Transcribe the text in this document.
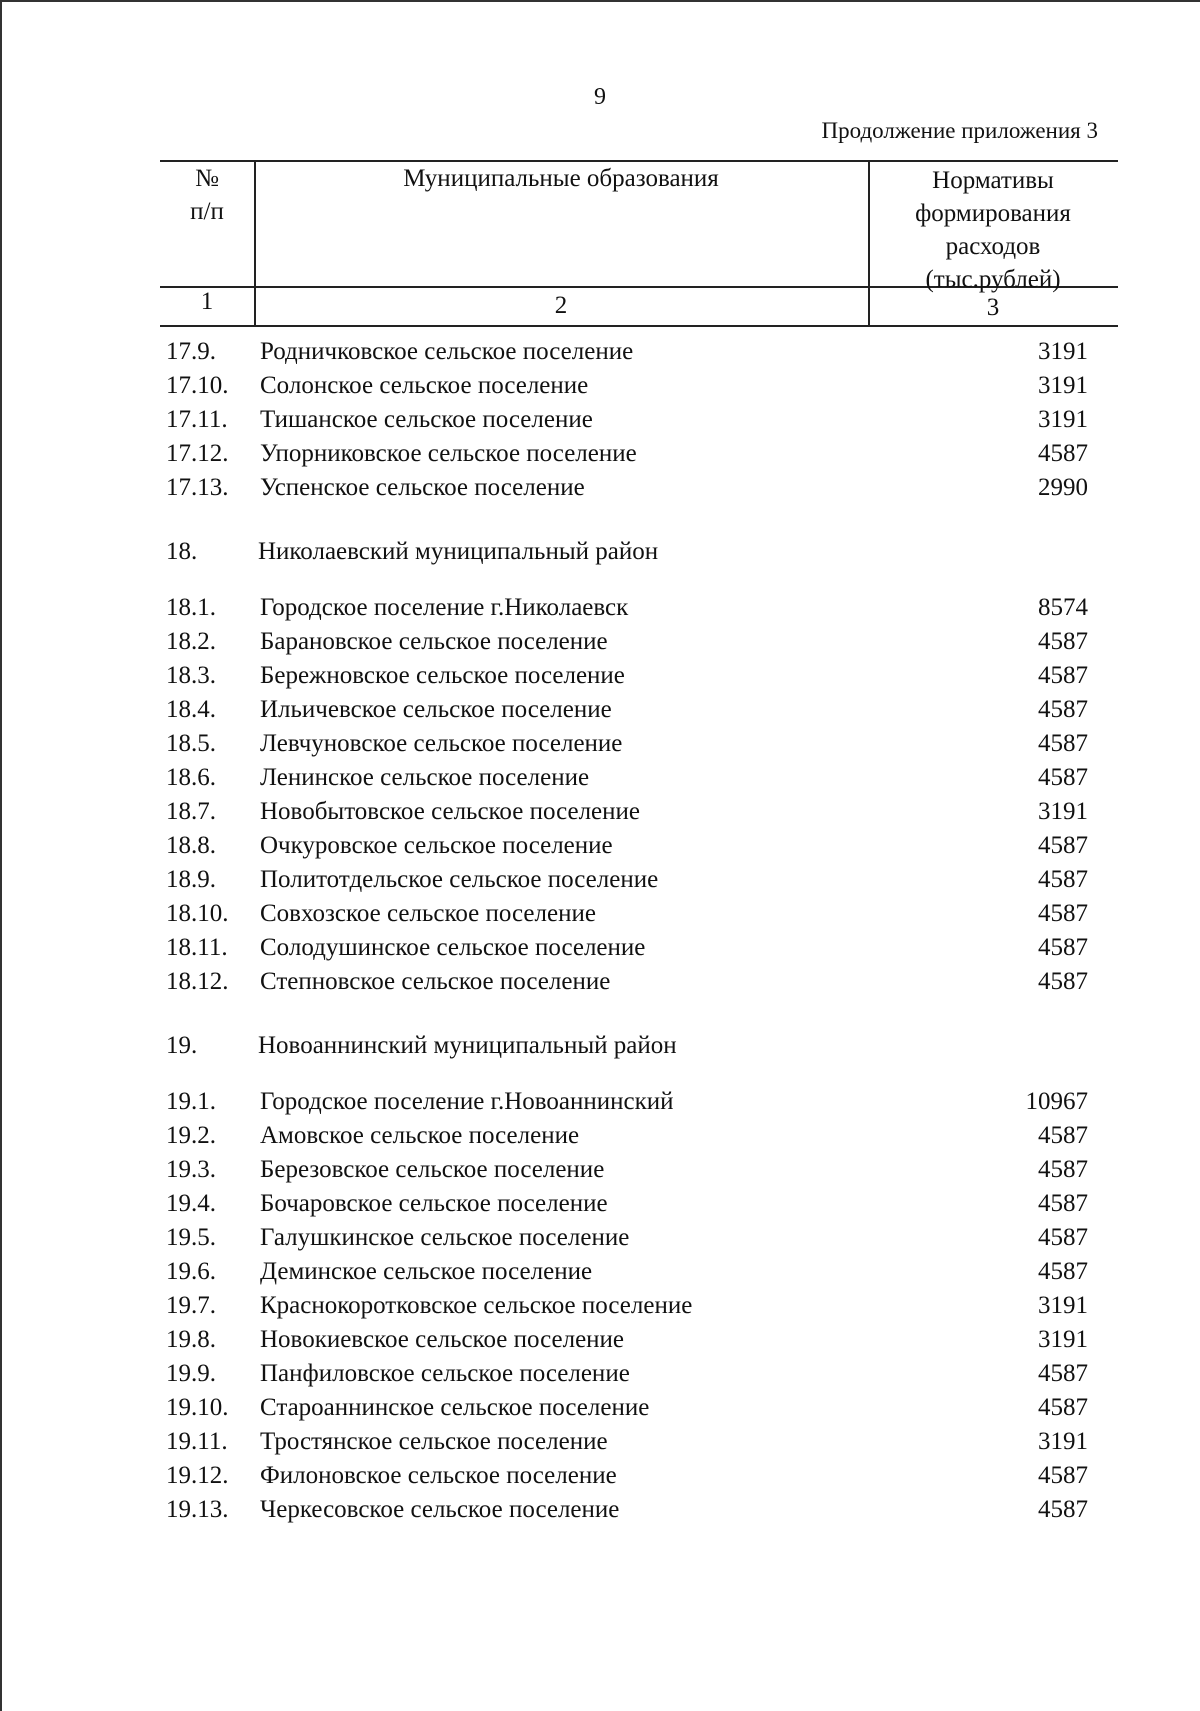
9
Продолжение приложения 3
№
п/п
Муниципальные образования	Нормативы
формирования
расходов
(тыс.рублей)
1	2	3
17.9. Родничковское сельское поселение	3191
17.10. Солонское сельское поселение	3191
17.11. Тишанское сельское поселение	3191
17.12. Упорниковское сельское поселение	4587
17.13. Успенское сельское поселение	2990
18. Николаевский муниципальный район
18.1. Городское поселение г.Николаевск	8574
18.2. Барановское сельское поселение	4587
18.3. Бережновское сельское поселение	4587
18.4. Ильичевское сельское поселение	4587
18.5. Левчуновское сельское поселение	4587
18.6. Ленинское сельское поселение	4587
18.7. Новобытовское сельское поселение	3191
18.8. Очкуровское сельское поселение	4587
18.9. Политотдельское сельское поселение	4587
18.10. Совхозское сельское поселение	4587
18.11. Солодушинское сельское поселение	4587
18.12. Степновское сельское поселение	4587
19. Новоаннинский муниципальный район
19.1. Городское поселение г.Новоаннинский	10967
19.2. Амовское сельское поселение	4587
19.3. Березовское сельское поселение	4587
19.4. Бочаровское сельское поселение	4587
19.5. Галушкинское сельское поселение	4587
19.6. Деминское сельское поселение	4587
19.7. Краснокоротковское сельское поселение	3191
19.8. Новокиевское сельское поселение	3191
19.9. Панфиловское сельское поселение	4587
19.10. Староаннинское сельское поселение	4587
19.11. Тростянское сельское поселение	3191
19.12. Филоновское сельское поселение	4587
19.13. Черкесовское сельское поселение	4587
